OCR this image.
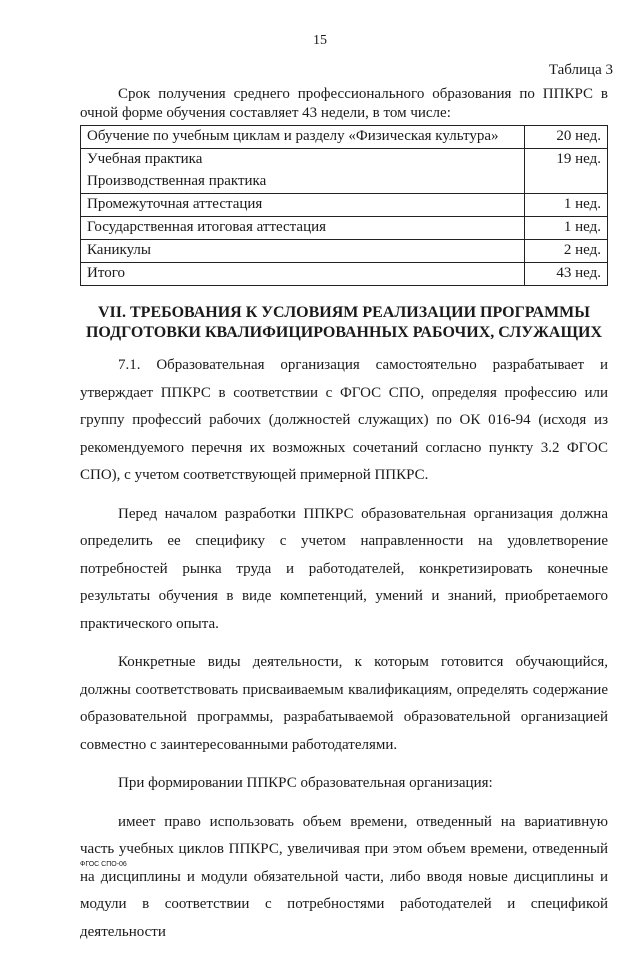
15
Таблица 3

Срок получения среднего профессионального образования по ППКРС в очной форме обучения составляет 43 недели, в том числе:

Обучение по учебным циклам и разделу «Физическая культура»	20 нед.
Учебная практика	19 нед.
Производственная практика	
Промежуточная аттестация	1 нед.
Государственная итоговая аттестация	1 нед.
Каникулы	2 нед.
Итого	43 нед.
VII. ТРЕБОВАНИЯ К УСЛОВИЯМ РЕАЛИЗАЦИИ ПРОГРАММЫ
ПОДГОТОВКИ КВАЛИФИЦИРОВАННЫХ РАБОЧИХ, СЛУЖАЩИХ

7.1. Образовательная организация самостоятельно разрабатывает и утверждает ППКРС в соответствии с ФГОС СПО, определяя профессию или группу профессий рабочих (должностей служащих) по ОК 016-94 (исходя из рекомендуемого перечня их возможных сочетаний согласно пункту 3.2 ФГОС СПО), с учетом соответствующей примерной ППКРС.

Перед началом разработки ППКРС образовательная организация должна определить ее специфику с учетом направленности на удовлетворение потребностей рынка труда и работодателей, конкретизировать конечные результаты обучения в виде компетенций, умений и знаний, приобретаемого практического опыта.

Конкретные виды деятельности, к которым готовится обучающийся, должны соответствовать присваиваемым квалификациям, определять содержание образовательной программы, разрабатываемой образовательной организацией совместно с заинтересованными работодателями.

При формировании ППКРС образовательная организация:

имеет право использовать объем времени, отведенный на вариативную часть учебных циклов ППКРС, увеличивая при этом объем времени, отведенный на дисциплины и модули обязательной части, либо вводя новые дисциплины и модули в соответствии с потребностями работодателей и спецификой деятельности

ФГОС СПО-06
